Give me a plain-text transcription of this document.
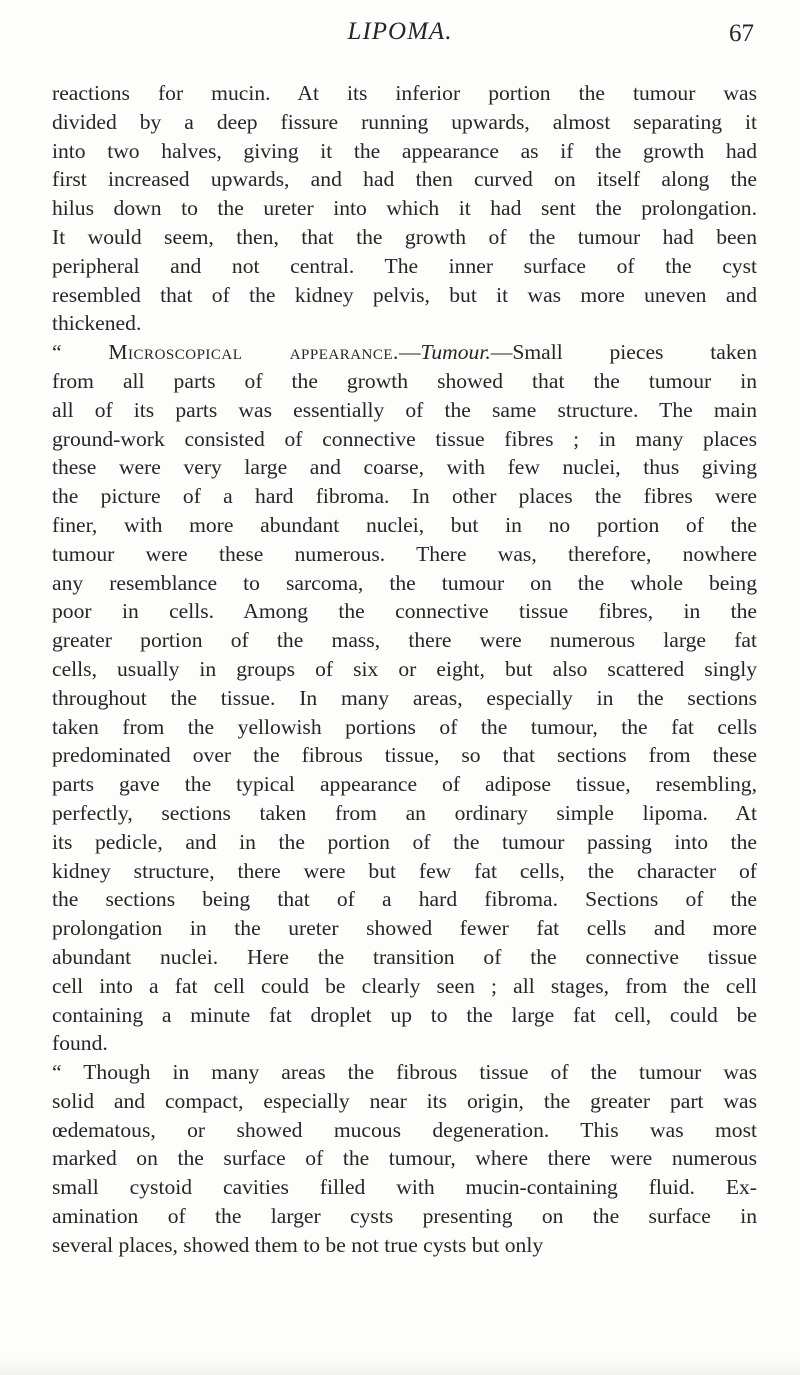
LIPOMA.	67

reactions for mucin. At its inferior portion the tumour was

divided by a deep fissure running upwards, almost separating it

into two halves, giving it the appearance as if the growth had

first increased upwards, and had then curved on itself along the

hilus down to the ureter into which it had sent the prolongation.

It would seem, then, that the growth of the tumour had been

peripheral and not central. The inner surface of the cyst

resembled that of the kidney pelvis, but it was more uneven and

thickened.

“ Microscopical appearance.—Tumour.—Small pieces taken

from all parts of the growth showed that the tumour in

all of its parts was essentially of the same structure. The main

ground-work consisted of connective tissue fibres ; in many places

these were very large and coarse, with few nuclei, thus giving

the picture of a hard fibroma. In other places the fibres were

finer, with more abundant nuclei, but in no portion of the

tumour were these numerous. There was, therefore, nowhere

any resemblance to sarcoma, the tumour on the whole being

poor in cells. Among the connective tissue fibres, in the

greater portion of the mass, there were numerous large fat

cells, usually in groups of six or eight, but also scattered singly

throughout the tissue. In many areas, especially in the sections

taken from the yellowish portions of the tumour, the fat cells

predominated over the fibrous tissue, so that sections from these

parts gave the typical appearance of adipose tissue, resembling,

perfectly, sections taken from an ordinary simple lipoma. At

its pedicle, and in the portion of the tumour passing into the

kidney structure, there were but few fat cells, the character of

the sections being that of a hard fibroma. Sections of the

prolongation in the ureter showed fewer fat cells and more

abundant nuclei. Here the transition of the connective tissue

cell into a fat cell could be clearly seen ; all stages, from the cell

containing a minute fat droplet up to the large fat cell, could be

found.

“ Though in many areas the fibrous tissue of the tumour was

solid and compact, especially near its origin, the greater part was

œdematous, or showed mucous degeneration. This was most

marked on the surface of the tumour, where there were numerous

small cystoid cavities filled with mucin-containing fluid. Ex-

amination of the larger cysts presenting on the surface in

several places, showed them to be not true cysts but only
